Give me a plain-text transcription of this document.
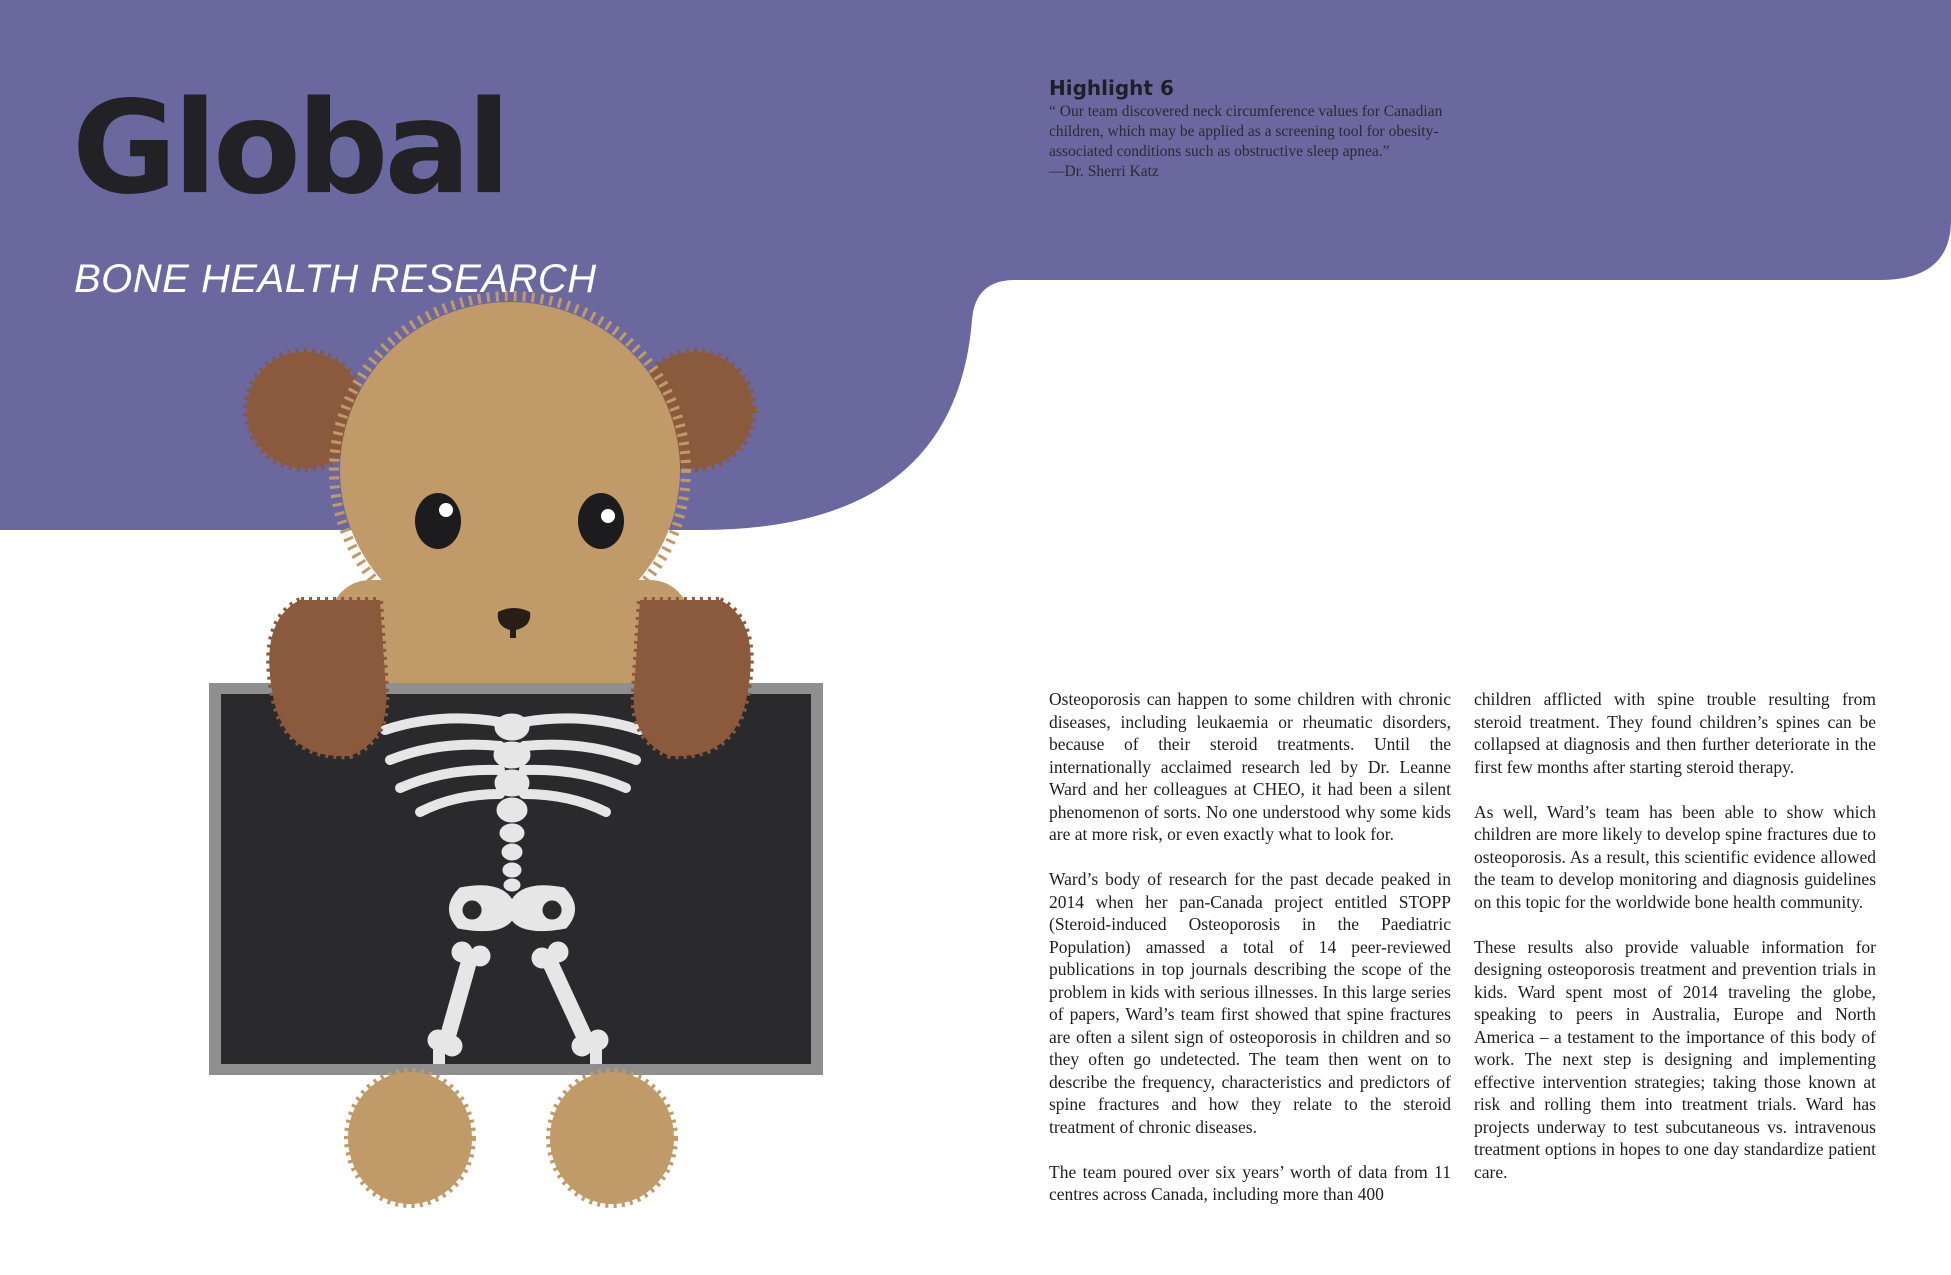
Global
BONE HEALTH RESEARCH
Highlight 6
“ Our team discovered neck circumference values for Canadian children, which may be applied as a screening tool for obesity-associated conditions such as obstructive sleep apnea.”
—Dr. Sherri Katz

Osteoporosis can happen to some children with chronic diseases, including leukaemia or rheumatic disorders, because of their steroid treatments. Until the internationally acclaimed research led by Dr. Leanne Ward and her colleagues at CHEO, it had been a silent phenomenon of sorts. No one understood why some kids are at more risk, or even exactly what to look for.

Ward’s body of research for the past decade peaked in 2014 when her pan-Canada project entitled STOPP (Steroid-induced Osteoporosis in the Paediatric Population) amassed a total of 14 peer-reviewed publications in top journals describing the scope of the problem in kids with serious illnesses. In this large series of papers, Ward’s team first showed that spine fractures are often a silent sign of osteoporosis in children and so they often go undetected. The team then went on to describe the frequency, characteristics and predictors of spine fractures and how they relate to the steroid treatment of chronic diseases.

The team poured over six years’ worth of data from 11 centres across Canada, including more than 400

children afflicted with spine trouble resulting from steroid treatment. They found children’s spines can be collapsed at diagnosis and then further deteriorate in the first few months after starting steroid therapy.

As well, Ward’s team has been able to show which children are more likely to develop spine fractures due to osteoporosis. As a result, this scientific evidence allowed the team to develop monitoring and diagnosis guidelines on this topic for the worldwide bone health community.

These results also provide valuable information for designing osteoporosis treatment and prevention trials in kids. Ward spent most of 2014 traveling the globe, speaking to peers in Australia, Europe and North America – a testament to the importance of this body of work. The next step is designing and implementing effective intervention strategies; taking those known at risk and rolling them into treatment trials. Ward has projects underway to test subcutaneous vs. intravenous treatment options in hopes to one day standardize patient care.
